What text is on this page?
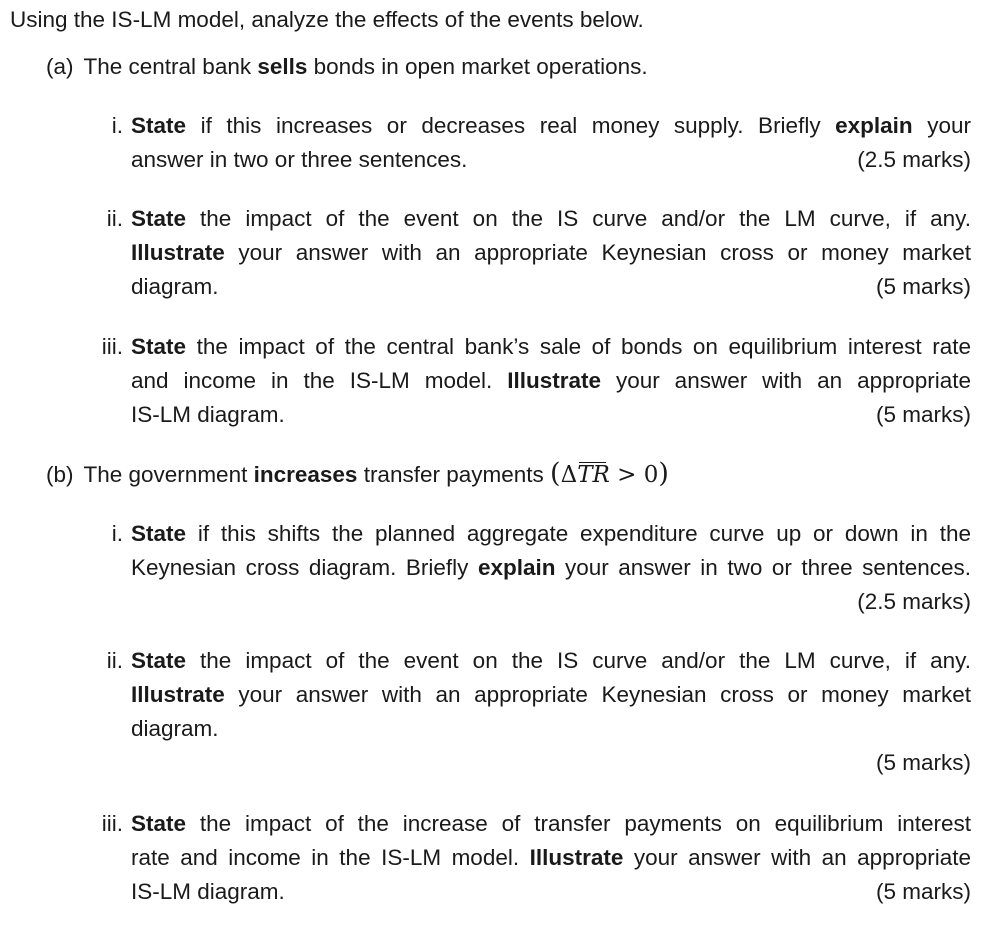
Using the IS-LM model, analyze the effects of the events below.
(a) The central bank sells bonds in open market operations.
i. State if this increases or decreases real money supply. Briefly explain your
answer in two or three sentences.	(2.5 marks)
ii. State the impact of the event on the IS curve and/or the LM curve, if any.
Illustrate your answer with an appropriate Keynesian cross or money market
diagram.	(5 marks)
iii. State the impact of the central bank’s sale of bonds on equilibrium interest rate
and income in the IS-LM model. Illustrate your answer with an appropriate
IS-LM diagram.	(5 marks)
(b) The government increases transfer payments (ΔTR > 0)
i. State if this shifts the planned aggregate expenditure curve up or down in the
Keynesian cross diagram. Briefly explain your answer in two or three sentences.
(2.5 marks)
ii. State the impact of the event on the IS curve and/or the LM curve, if any.
Illustrate your answer with an appropriate Keynesian cross or money market
diagram.
(5 marks)
iii. State the impact of the increase of transfer payments on equilibrium interest
rate and income in the IS-LM model. Illustrate your answer with an appropriate
IS-LM diagram.	(5 marks)
